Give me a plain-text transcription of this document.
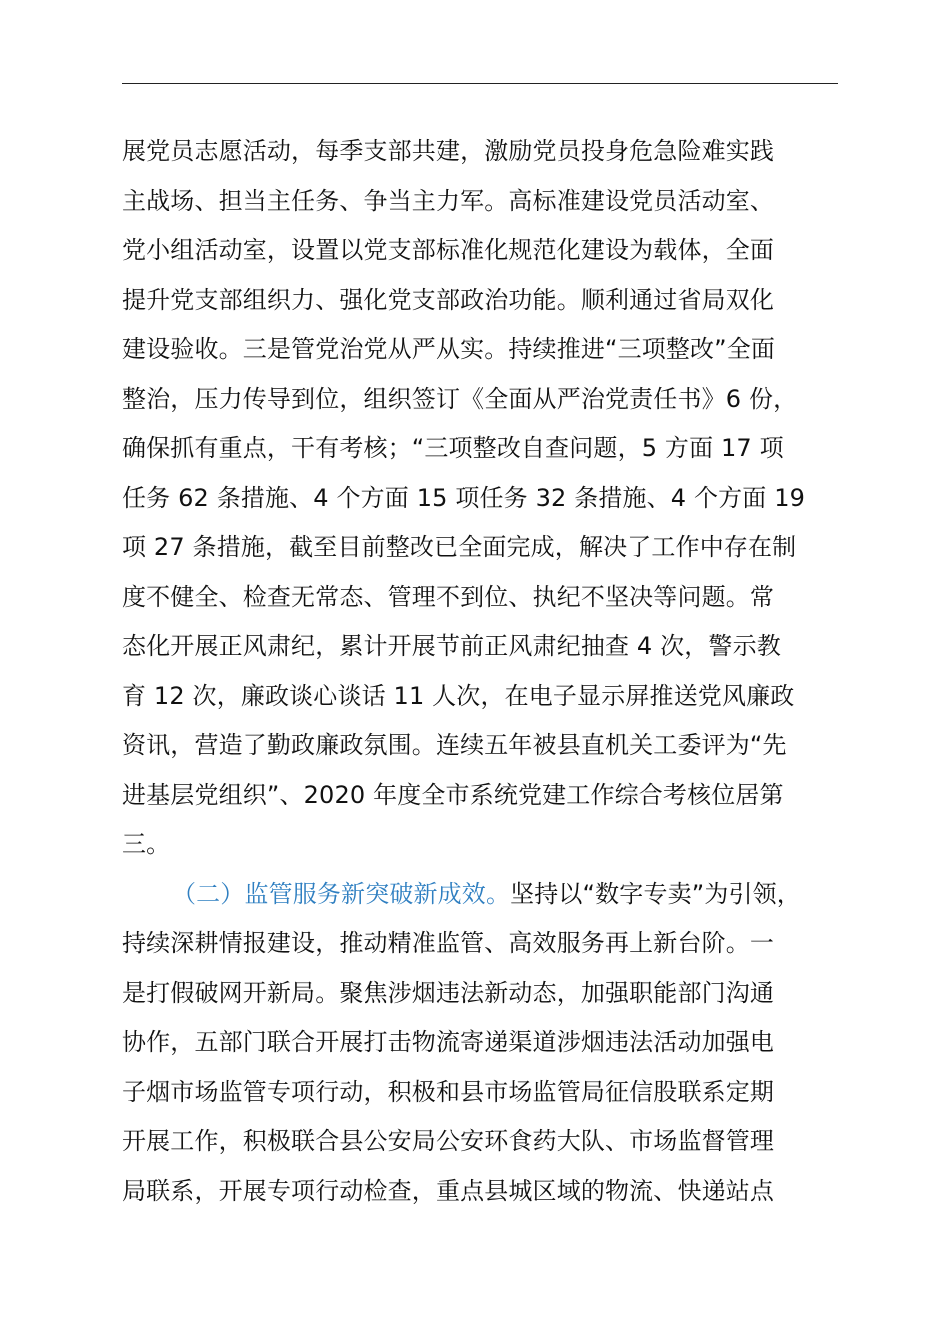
展党员志愿活动，每季支部共建，激励党员投身危急险难实践
主战场、担当主任务、争当主力军。高标准建设党员活动室、
党小组活动室，设置以党支部标准化规范化建设为载体，全面
提升党支部组织力、强化党支部政治功能。顺利通过省局双化
建设验收。三是管党治党从严从实。持续推进“三项整改”全面
整治，压力传导到位，组织签订《全面从严治党责任书》6 份，
确保抓有重点，干有考核；“三项整改自查问题，5 方面 17 项
任务 62 条措施、4 个方面 15 项任务 32 条措施、4 个方面 19
项 27 条措施，截至目前整改已全面完成，解决了工作中存在制
度不健全、检查无常态、管理不到位、执纪不坚决等问题。常
态化开展正风肃纪，累计开展节前正风肃纪抽查 4 次，警示教
育 12 次，廉政谈心谈话 11 人次，在电子显示屏推送党风廉政
资讯，营造了勤政廉政氛围。连续五年被县直机关工委评为“先
进基层党组织”、2020 年度全市系统党建工作综合考核位居第
三。
（二）监管服务新突破新成效。坚持以“数字专卖”为引领，
持续深耕情报建设，推动精准监管、高效服务再上新台阶。一
是打假破网开新局。聚焦涉烟违法新动态，加强职能部门沟通
协作，五部门联合开展打击物流寄递渠道涉烟违法活动加强电
子烟市场监管专项行动，积极和县市场监管局征信股联系定期
开展工作，积极联合县公安局公安环食药大队、市场监督管理
局联系，开展专项行动检查，重点县城区域的物流、快递站点
